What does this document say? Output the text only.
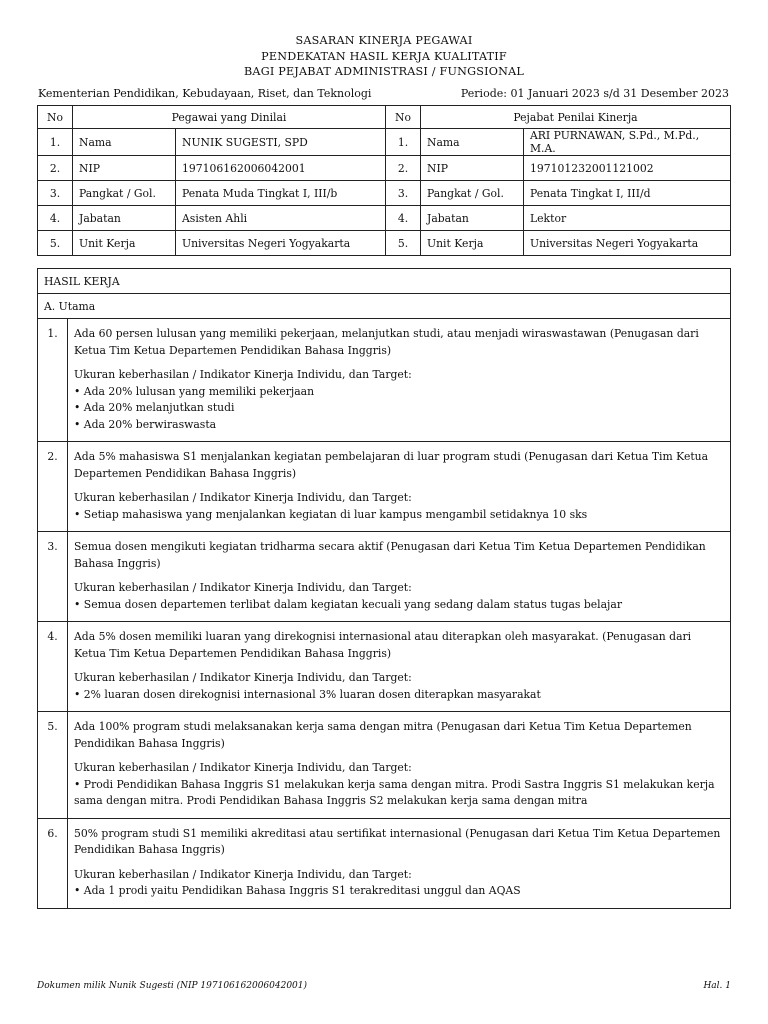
SASARAN KINERJA PEGAWAI
PENDEKATAN HASIL KERJA KUALITATIF
BAGI PEJABAT ADMINISTRASI / FUNGSIONAL
Kementerian Pendidikan, Kebudayaan, Riset, dan Teknologi	Periode: 01 Januari 2023 s/d 31 Desember 2023
No	Pegawai yang Dinilai		No	Pejabat Penilai Kinerja	
1.	Nama	NUNIK SUGESTI, SPD	1.	Nama	ARI PURNAWAN, S.Pd., M.Pd., M.A.
2.	NIP	197106162006042001	2.	NIP	197101232001121002
3.	Pangkat / Gol.	Penata Muda Tingkat I, III/b	3.	Pangkat / Gol.	Penata Tingkat I, III/d
4.	Jabatan	Asisten Ahli	4.	Jabatan	Lektor
5.	Unit Kerja	Universitas Negeri Yogyakarta	5.	Unit Kerja	Universitas Negeri Yogyakarta
HASIL KERJA	
A. Utama	
1.	Ada 60 persen lulusan yang memiliki pekerjaan, melanjutkan studi, atau menjadi wiraswastawan (Penugasan dari Ketua Tim Ketua Departemen Pendidikan Bahasa Inggris)
Ukuran keberhasilan / Indikator Kinerja Individu, dan Target:
• Ada 20% lulusan yang memiliki pekerjaan
• Ada 20% melanjutkan studi
• Ada 20% berwiraswasta

2.	Ada 5% mahasiswa S1 menjalankan kegiatan pembelajaran di luar program studi (Penugasan dari Ketua Tim Ketua Departemen Pendidikan Bahasa Inggris)
Ukuran keberhasilan / Indikator Kinerja Individu, dan Target:
• Setiap mahasiswa yang menjalankan kegiatan di luar kampus mengambil setidaknya 10 sks

3.	Semua dosen mengikuti kegiatan tridharma secara aktif (Penugasan dari Ketua Tim Ketua Departemen Pendidikan Bahasa Inggris)
Ukuran keberhasilan / Indikator Kinerja Individu, dan Target:
• Semua dosen departemen terlibat dalam kegiatan kecuali yang sedang dalam status tugas belajar

4.	Ada 5% dosen memiliki luaran yang direkognisi internasional atau diterapkan oleh masyarakat. (Penugasan dari Ketua Tim Ketua Departemen Pendidikan Bahasa Inggris)
Ukuran keberhasilan / Indikator Kinerja Individu, dan Target:
• 2% luaran dosen direkognisi internasional 3% luaran dosen diterapkan masyarakat

5.	Ada 100% program studi melaksanakan kerja sama dengan mitra (Penugasan dari Ketua Tim Ketua Departemen Pendidikan Bahasa Inggris)
Ukuran keberhasilan / Indikator Kinerja Individu, dan Target:
• Prodi Pendidikan Bahasa Inggris S1 melakukan kerja sama dengan mitra. Prodi Sastra Inggris S1 melakukan kerja sama dengan mitra. Prodi Pendidikan Bahasa Inggris S2 melakukan kerja sama dengan mitra

6.	50% program studi S1 memiliki akreditasi atau sertifikat internasional (Penugasan dari Ketua Tim Ketua Departemen Pendidikan Bahasa Inggris)
Ukuran keberhasilan / Indikator Kinerja Individu, dan Target:
• Ada 1 prodi yaitu Pendidikan Bahasa Inggris S1 terakreditasi unggul dan AQAS
Dokumen milik Nunik Sugesti (NIP 197106162006042001)	Hal. 1
